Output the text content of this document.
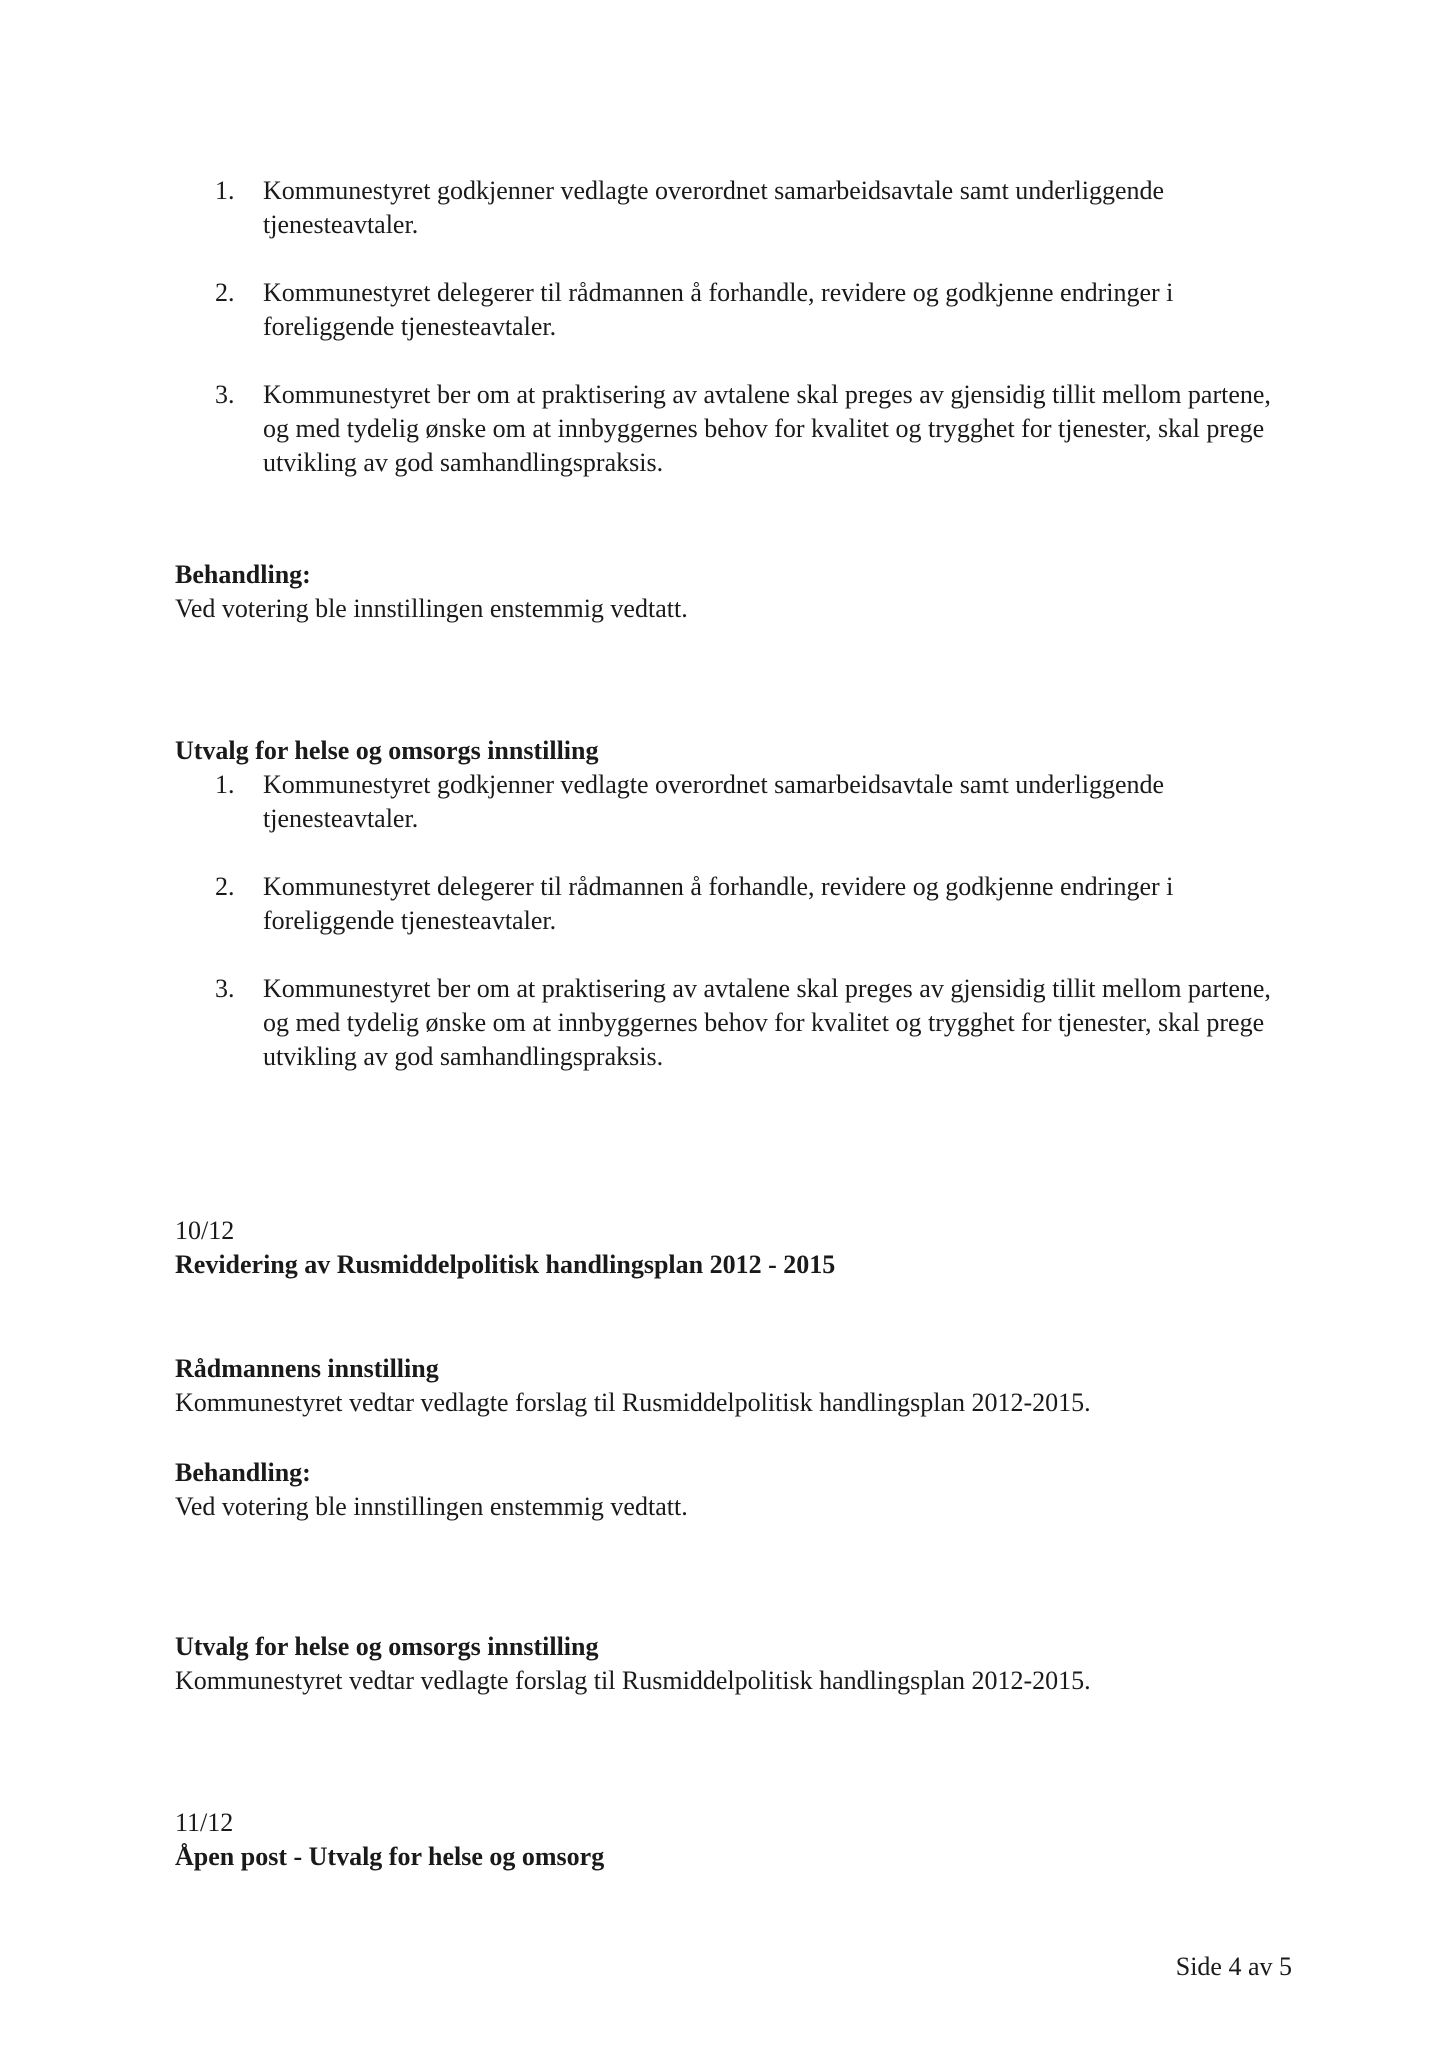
1. Kommunestyret godkjenner vedlagte overordnet samarbeidsavtale samt underliggende tjenesteavtaler.
2. Kommunestyret delegerer til rådmannen å forhandle, revidere og godkjenne endringer i foreliggende tjenesteavtaler.
3. Kommunestyret ber om at praktisering av avtalene skal preges av gjensidig tillit mellom partene, og med tydelig ønske om at innbyggernes behov for kvalitet og trygghet for tjenester, skal prege utvikling av god samhandlingspraksis.
Behandling:
Ved votering ble innstillingen enstemmig vedtatt.
Utvalg for helse og omsorgs innstilling
1. Kommunestyret godkjenner vedlagte overordnet samarbeidsavtale samt underliggende tjenesteavtaler.
2. Kommunestyret delegerer til rådmannen å forhandle, revidere og godkjenne endringer i foreliggende tjenesteavtaler.
3. Kommunestyret ber om at praktisering av avtalene skal preges av gjensidig tillit mellom partene, og med tydelig ønske om at innbyggernes behov for kvalitet og trygghet for tjenester, skal prege utvikling av god samhandlingspraksis.
10/12
Revidering av Rusmiddelpolitisk handlingsplan 2012 - 2015
Rådmannens innstilling
Kommunestyret vedtar vedlagte forslag til Rusmiddelpolitisk handlingsplan 2012-2015.
Behandling:
Ved votering ble innstillingen enstemmig vedtatt.
Utvalg for helse og omsorgs innstilling
Kommunestyret vedtar vedlagte forslag til Rusmiddelpolitisk handlingsplan 2012-2015.
11/12
Åpen post - Utvalg for helse og omsorg
Side 4 av 5
